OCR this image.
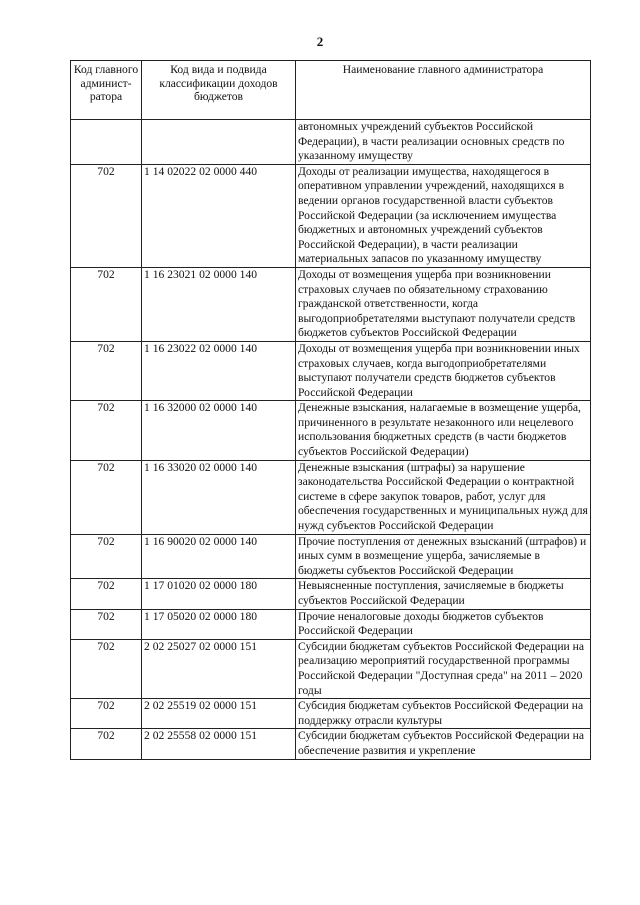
2
Код главного админист- ратора	Код вида и подвида классификации доходов бюджетов	Наименование главного администратора
		автономных учреждений субъектов Российской Федерации), в части реализации основных средств по указанному имуществу
702	1 14 02022 02 0000 440	Доходы от реализации имущества, находящегося в оперативном управлении учреждений, находящихся в ведении органов государственной власти субъектов Российской Федерации (за исключением имущества бюджетных и автономных учреждений субъектов Российской Федерации), в части реализации материальных запасов по указанному имуществу
702	1 16 23021 02 0000 140	Доходы от возмещения ущерба при возникновении страховых случаев по обязательному страхованию гражданской ответственности, когда выгодоприобретателями выступают получатели средств бюджетов субъектов Российской Федерации
702	1 16 23022 02 0000 140	Доходы от возмещения ущерба при возникновении иных страховых случаев, когда выгодоприобретателями выступают получатели средств бюджетов субъектов Российской Федерации
702	1 16 32000 02 0000 140	Денежные взыскания, налагаемые в возмещение ущерба, причиненного в результате незаконного или нецелевого использования бюджетных средств (в части бюджетов субъектов Российской Федерации)
702	1 16 33020 02 0000 140	Денежные взыскания (штрафы) за нарушение законодательства Российской Федерации о контрактной системе в сфере закупок товаров, работ, услуг для обеспечения государственных и муниципальных нужд для нужд субъектов Российской Федерации
702	1 16 90020 02 0000 140	Прочие поступления от денежных взысканий (штрафов) и иных сумм в возмещение ущерба, зачисляемые в бюджеты субъектов Российской Федерации
702	1 17 01020 02 0000 180	Невыясненные поступления, зачисляемые в бюджеты субъектов Российской Федерации
702	1 17 05020 02 0000 180	Прочие неналоговые доходы бюджетов субъектов Российской Федерации
702	2 02 25027 02 0000 151	Субсидии бюджетам субъектов Российской Федерации на реализацию мероприятий государственной программы Российской Федерации "Доступная среда" на 2011 – 2020 годы
702	2 02 25519 02 0000 151	Субсидия бюджетам субъектов Российской Федерации на поддержку отрасли культуры
702	2 02 25558 02 0000 151	Субсидии бюджетам субъектов Российской Федерации на обеспечение развития и укрепление
